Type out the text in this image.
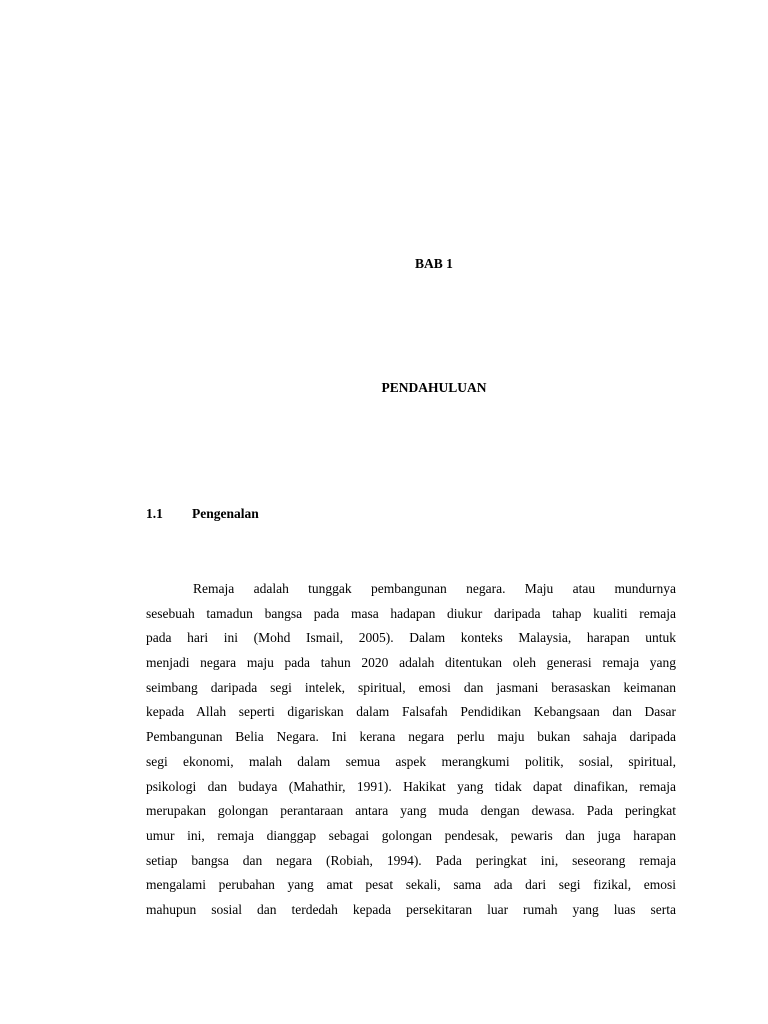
BAB 1

PENDAHULUAN

1.1	Pengenalan
Remaja adalah tunggak pembangunan negara. Maju atau mundurnya
sesebuah tamadun bangsa pada masa hadapan diukur daripada tahap kualiti remaja
pada hari ini (Mohd Ismail, 2005). Dalam konteks Malaysia, harapan untuk
menjadi negara maju pada tahun 2020 adalah ditentukan oleh generasi remaja yang
seimbang daripada segi intelek, spiritual, emosi dan jasmani berasaskan keimanan
kepada Allah seperti digariskan dalam Falsafah Pendidikan Kebangsaan dan Dasar
Pembangunan Belia Negara. Ini kerana negara perlu maju bukan sahaja daripada
segi ekonomi, malah dalam semua aspek merangkumi politik, sosial, spiritual,
psikologi dan budaya (Mahathir, 1991). Hakikat yang tidak dapat dinafikan, remaja
merupakan golongan perantaraan antara yang muda dengan dewasa. Pada peringkat
umur ini, remaja dianggap sebagai golongan pendesak, pewaris dan juga harapan
setiap bangsa dan negara (Robiah, 1994). Pada peringkat ini, seseorang remaja
mengalami perubahan yang amat pesat sekali, sama ada dari segi fizikal, emosi
mahupun sosial dan terdedah kepada persekitaran luar rumah yang luas serta
